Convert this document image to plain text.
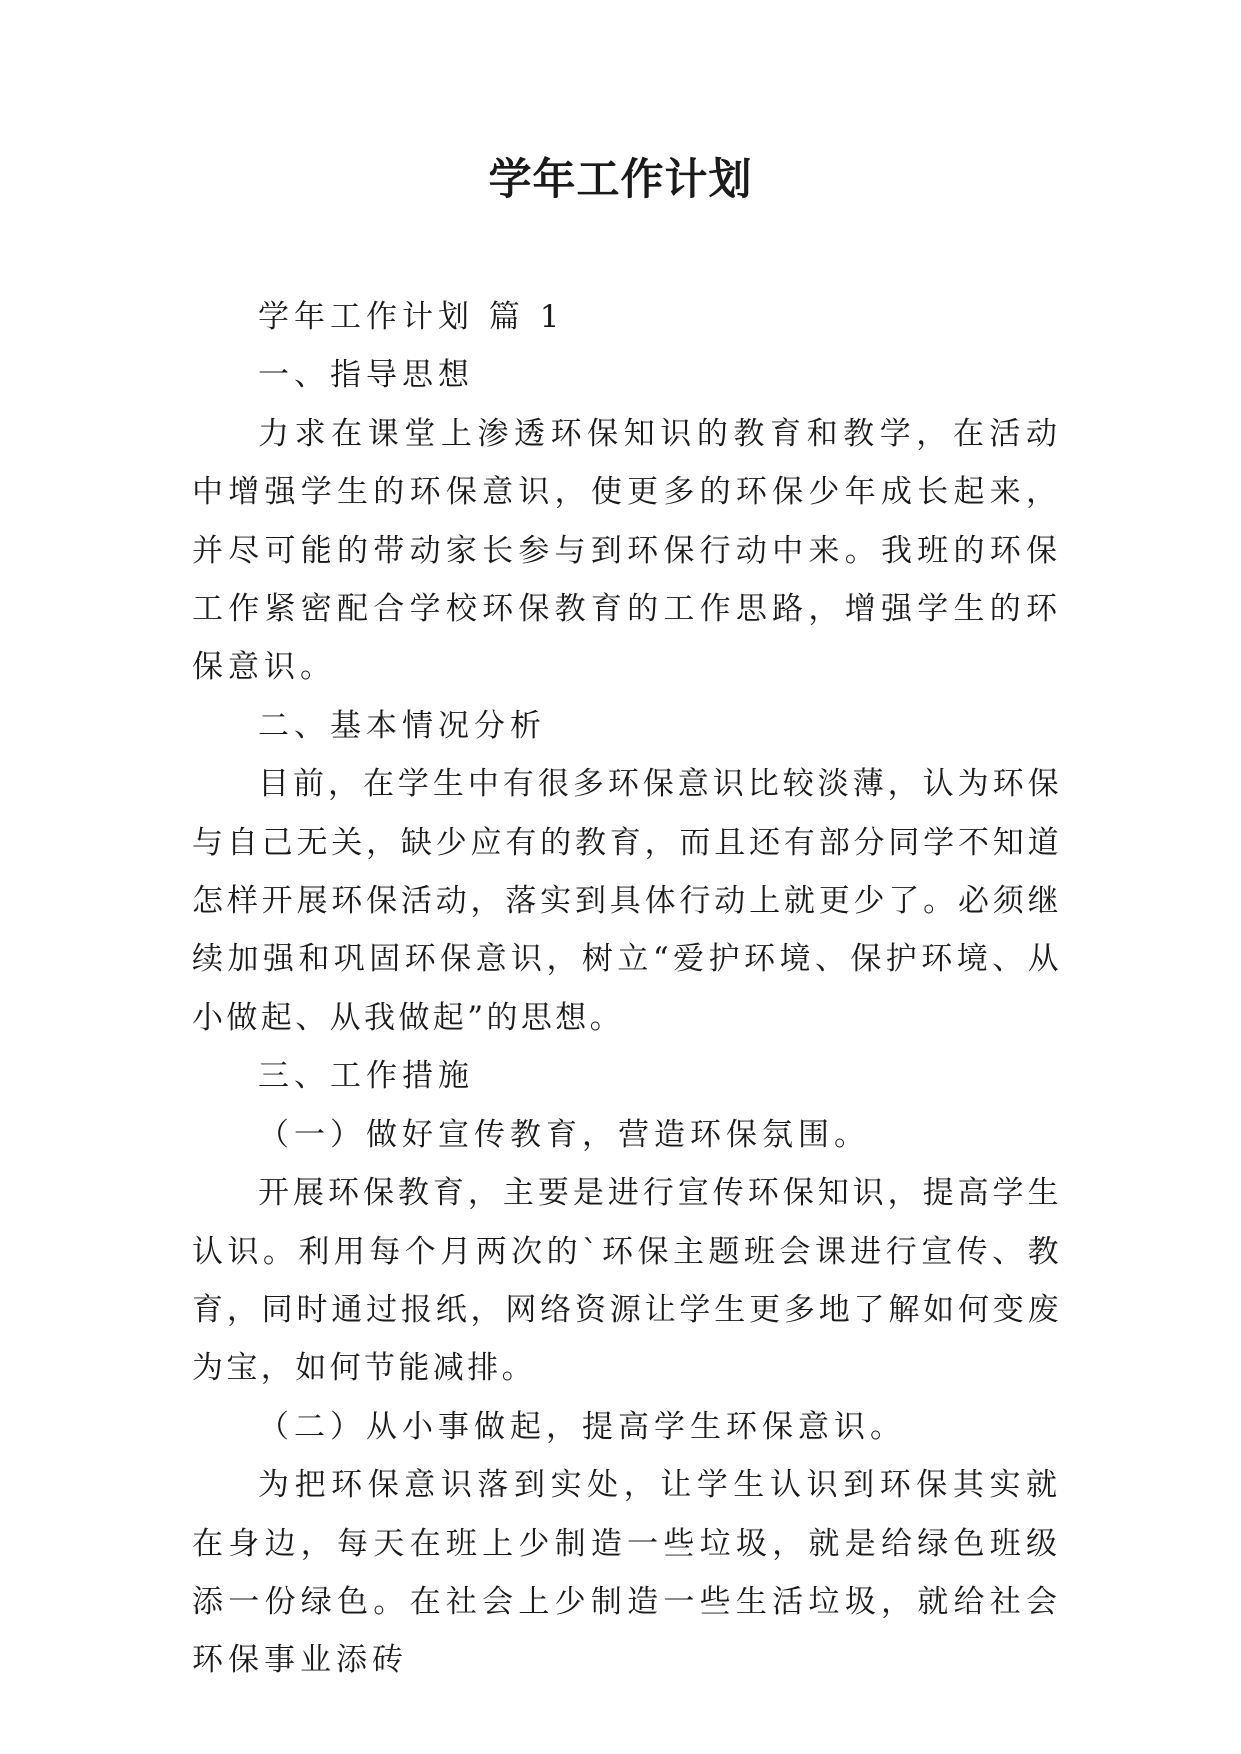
学年工作计划

学年工作计划 篇 1

一、指导思想

力求在课堂上渗透环保知识的教育和教学，在活动中增强学生的环保意识，使更多的环保少年成长起来，并尽可能的带动家长参与到环保行动中来。我班的环保工作紧密配合学校环保教育的工作思路，增强学生的环保意识。

二、基本情况分析

目前，在学生中有很多环保意识比较淡薄，认为环保与自己无关，缺少应有的教育，而且还有部分同学不知道怎样开展环保活动，落实到具体行动上就更少了。必须继续加强和巩固环保意识，树立“爱护环境、保护环境、从小做起、从我做起”的思想。

三、工作措施

（一）做好宣传教育，营造环保氛围。

开展环保教育，主要是进行宣传环保知识，提高学生认识。利用每个月两次的`环保主题班会课进行宣传、教育，同时通过报纸，网络资源让学生更多地了解如何变废为宝，如何节能减排。

（二）从小事做起，提高学生环保意识。

为把环保意识落到实处，让学生认识到环保其实就在身边，每天在班上少制造一些垃圾，就是给绿色班级添一份绿色。在社会上少制造一些生活垃圾，就给社会环保事业添砖
